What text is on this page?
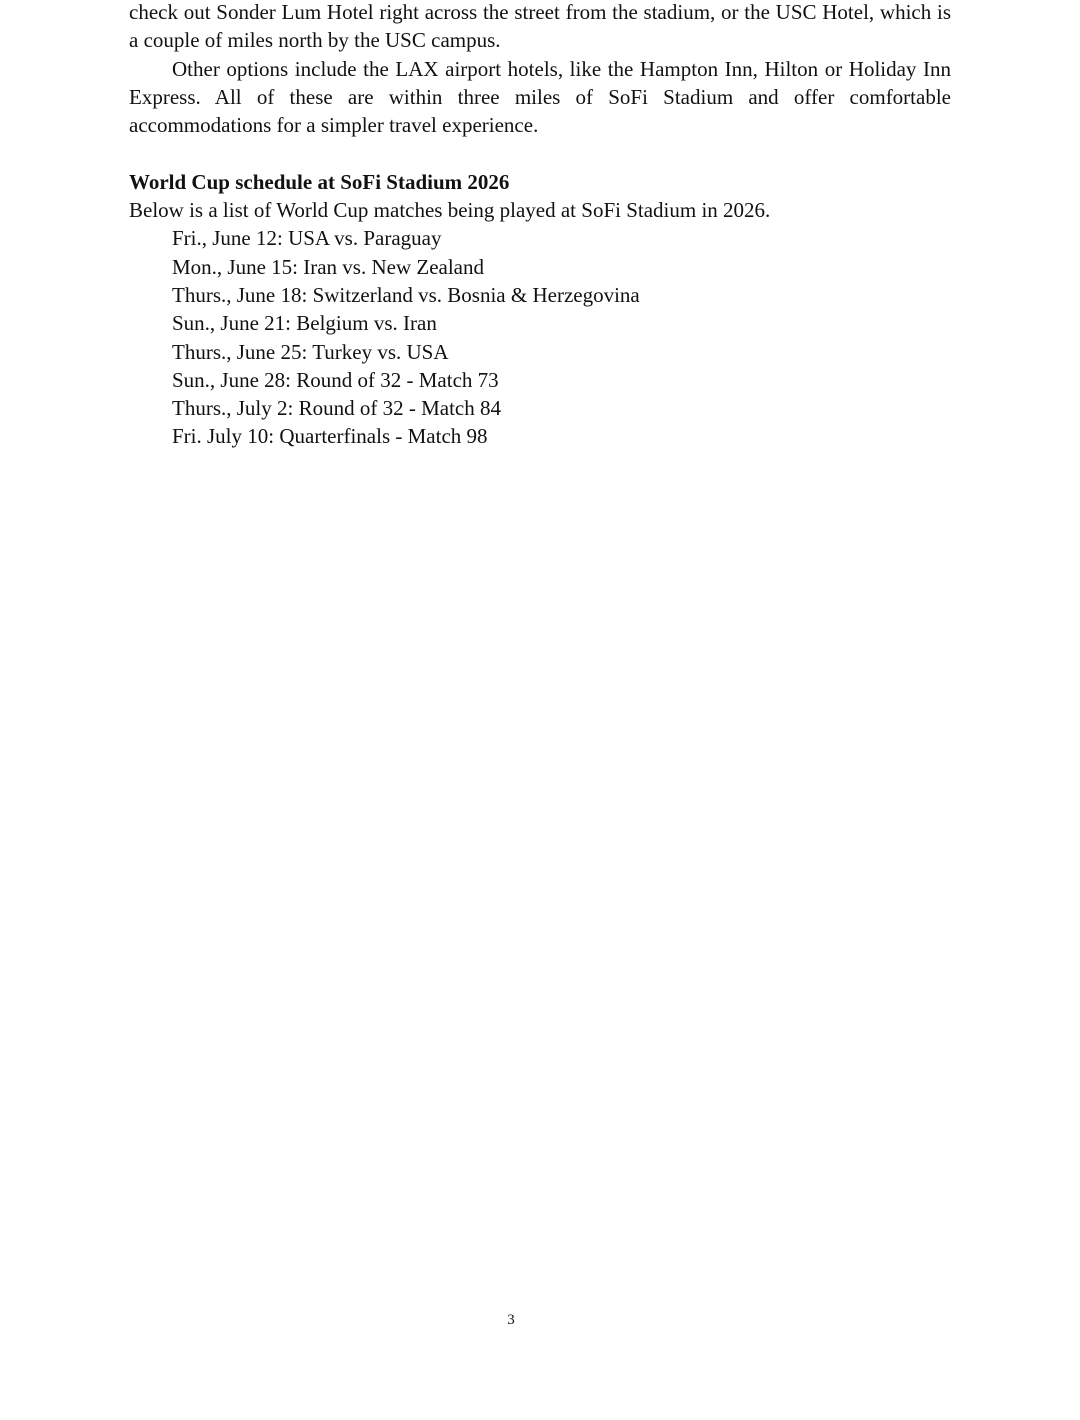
check out Sonder Lum Hotel right across the street from the stadium, or the USC Hotel, which is a couple of miles north by the USC campus.

Other options include the LAX airport hotels, like the Hampton Inn, Hilton or Holiday Inn Express. All of these are within three miles of SoFi Stadium and offer comfortable accommodations for a simpler travel experience.

World Cup schedule at SoFi Stadium 2026

Below is a list of World Cup matches being played at SoFi Stadium in 2026.

Fri., June 12: USA vs. Paraguay
Mon., June 15: Iran vs. New Zealand
Thurs., June 18: Switzerland vs. Bosnia & Herzegovina
Sun., June 21: Belgium vs. Iran
Thurs., June 25: Turkey vs. USA
Sun., June 28: Round of 32 - Match 73
Thurs., July 2: Round of 32 - Match 84
Fri. July 10: Quarterfinals - Match 98
3
